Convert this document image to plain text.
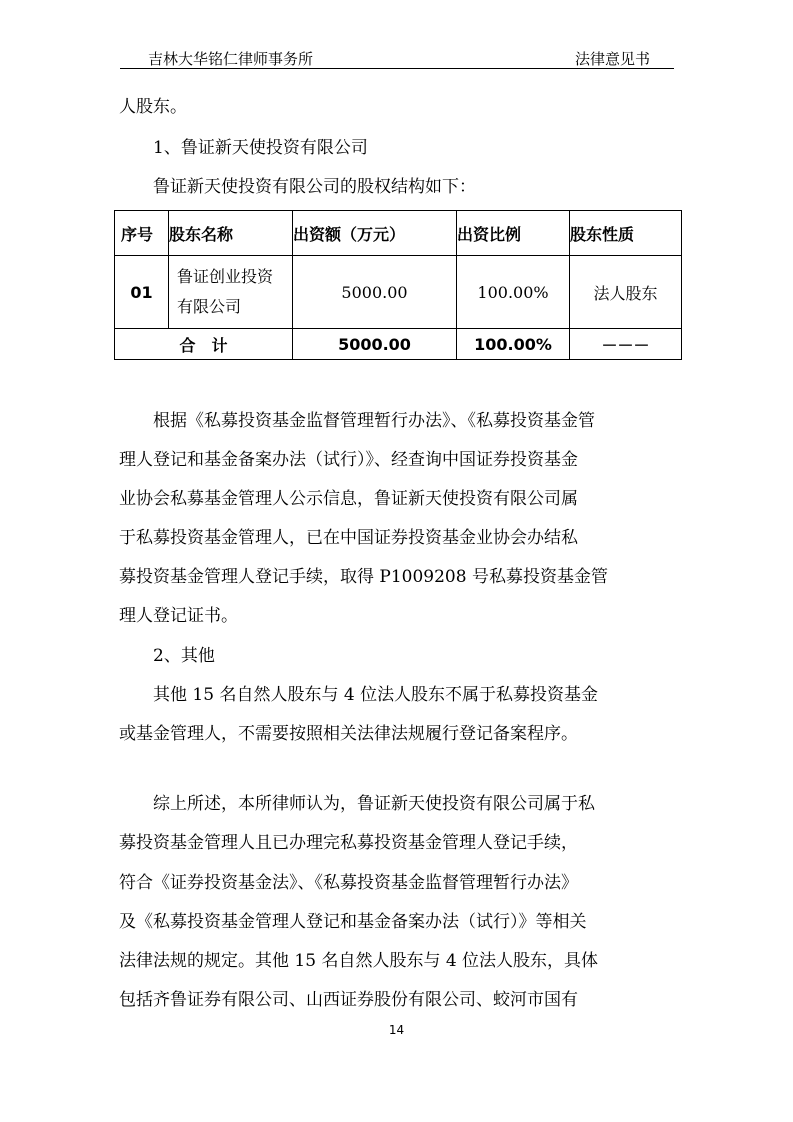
吉林大华铭仁律师事务所	法律意见书
人股东。
1、鲁证新天使投资有限公司
鲁证新天使投资有限公司的股权结构如下：
序号	股东名称	出资额（万元）	出资比例	股东性质
01	鲁证创业投资
有限公司	5000.00	100.00%	法人股东
合　计		5000.00	100.00%	－－－
根据《私募投资基金监督管理暂行办法》、《私募投资基金管
理人登记和基金备案办法（试行）》、经查询中国证券投资基金
业协会私募基金管理人公示信息，鲁证新天使投资有限公司属
于私募投资基金管理人，已在中国证券投资基金业协会办结私
募投资基金管理人登记手续，取得 P1009208 号私募投资基金管
理人登记证书。
2、其他
其他 15 名自然人股东与 4 位法人股东不属于私募投资基金
或基金管理人，不需要按照相关法律法规履行登记备案程序。
综上所述，本所律师认为，鲁证新天使投资有限公司属于私
募投资基金管理人且已办理完私募投资基金管理人登记手续，
符合《证券投资基金法》、《私募投资基金监督管理暂行办法》
及《私募投资基金管理人登记和基金备案办法（试行）》等相关
法律法规的规定。其他 15 名自然人股东与 4 位法人股东，具体
包括齐鲁证券有限公司、山西证券股份有限公司、蛟河市国有
14
